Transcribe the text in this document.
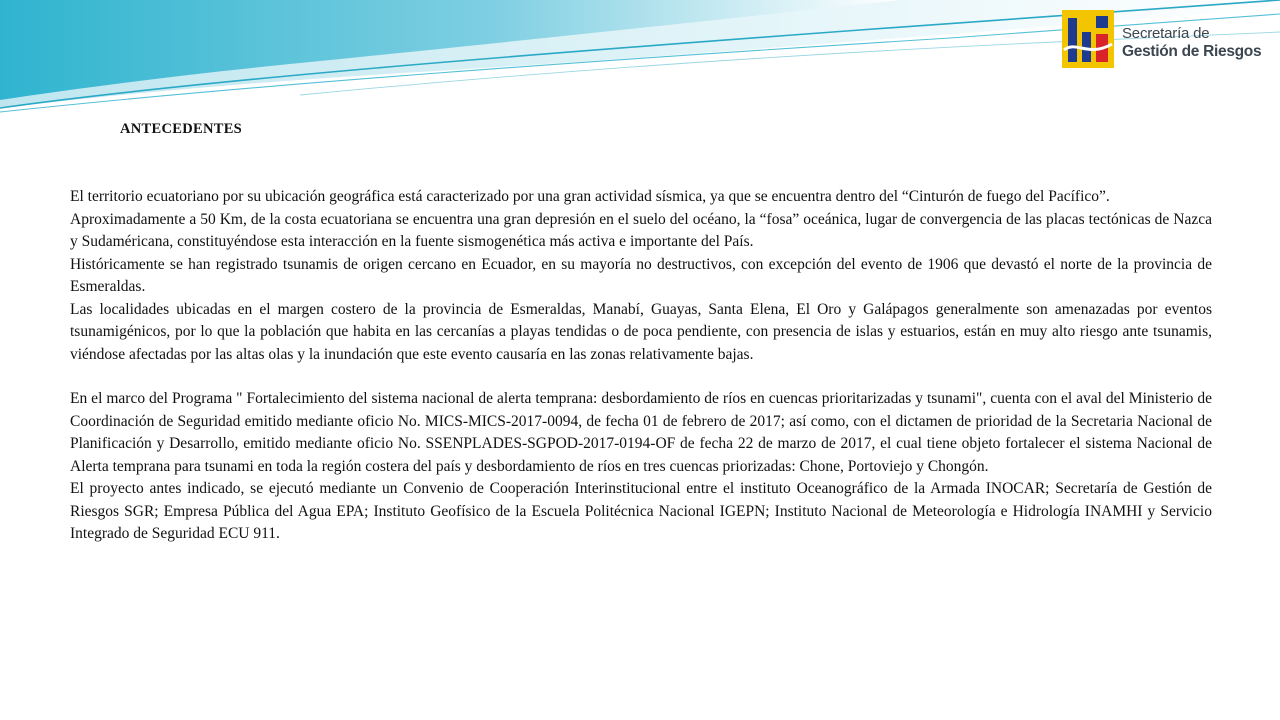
Secretaría de
Gestión de Riesgos
ANTECEDENTES

El territorio ecuatoriano por su ubicación geográfica está caracterizado por una gran actividad sísmica, ya que se encuentra dentro del “Cinturón de fuego del Pacífico”.

Aproximadamente a 50 Km, de la costa ecuatoriana se encuentra una gran depresión en el suelo del océano, la “fosa” oceánica, lugar de convergencia de las placas tectónicas de Nazca y Sudaméricana, constituyéndose esta interacción en la fuente sismogenética más activa e importante del País.

Históricamente se han registrado tsunamis de origen cercano en Ecuador, en su mayoría no destructivos, con excepción del evento de 1906 que devastó el norte de la provincia de Esmeraldas.

Las localidades ubicadas en el margen costero de la provincia de Esmeraldas, Manabí, Guayas, Santa Elena, El Oro y Galápagos generalmente son amenazadas por eventos tsunamigénicos, por lo que la población que habita en las cercanías a playas tendidas o de poca pendiente, con presencia de islas y estuarios, están en muy alto riesgo ante tsunamis, viéndose afectadas por las altas olas y la inundación que este evento causaría en las zonas relativamente bajas.

En el marco del Programa " Fortalecimiento del sistema nacional de alerta temprana: desbordamiento de ríos en cuencas prioritarizadas y tsunami", cuenta con el aval del Ministerio de Coordinación de Seguridad emitido mediante oficio No. MICS-MICS-2017-0094, de fecha 01 de febrero de 2017; así como, con el dictamen de prioridad de la Secretaria Nacional de Planificación y Desarrollo, emitido mediante oficio No. SSENPLADES-SGPOD-2017-0194-OF de fecha 22 de marzo de 2017, el cual tiene objeto fortalecer el sistema Nacional de Alerta temprana para tsunami en toda la región costera del país y desbordamiento de ríos en tres cuencas priorizadas: Chone, Portoviejo y Chongón.

El proyecto antes indicado, se ejecutó mediante un Convenio de Cooperación Interinstitucional entre el instituto Oceanográfico de la Armada INOCAR; Secretaría de Gestión de Riesgos SGR; Empresa Pública del Agua EPA; Instituto Geofísico de la Escuela Politécnica Nacional IGEPN; Instituto Nacional de Meteorología e Hidrología INAMHI y Servicio Integrado de Seguridad ECU 911.
